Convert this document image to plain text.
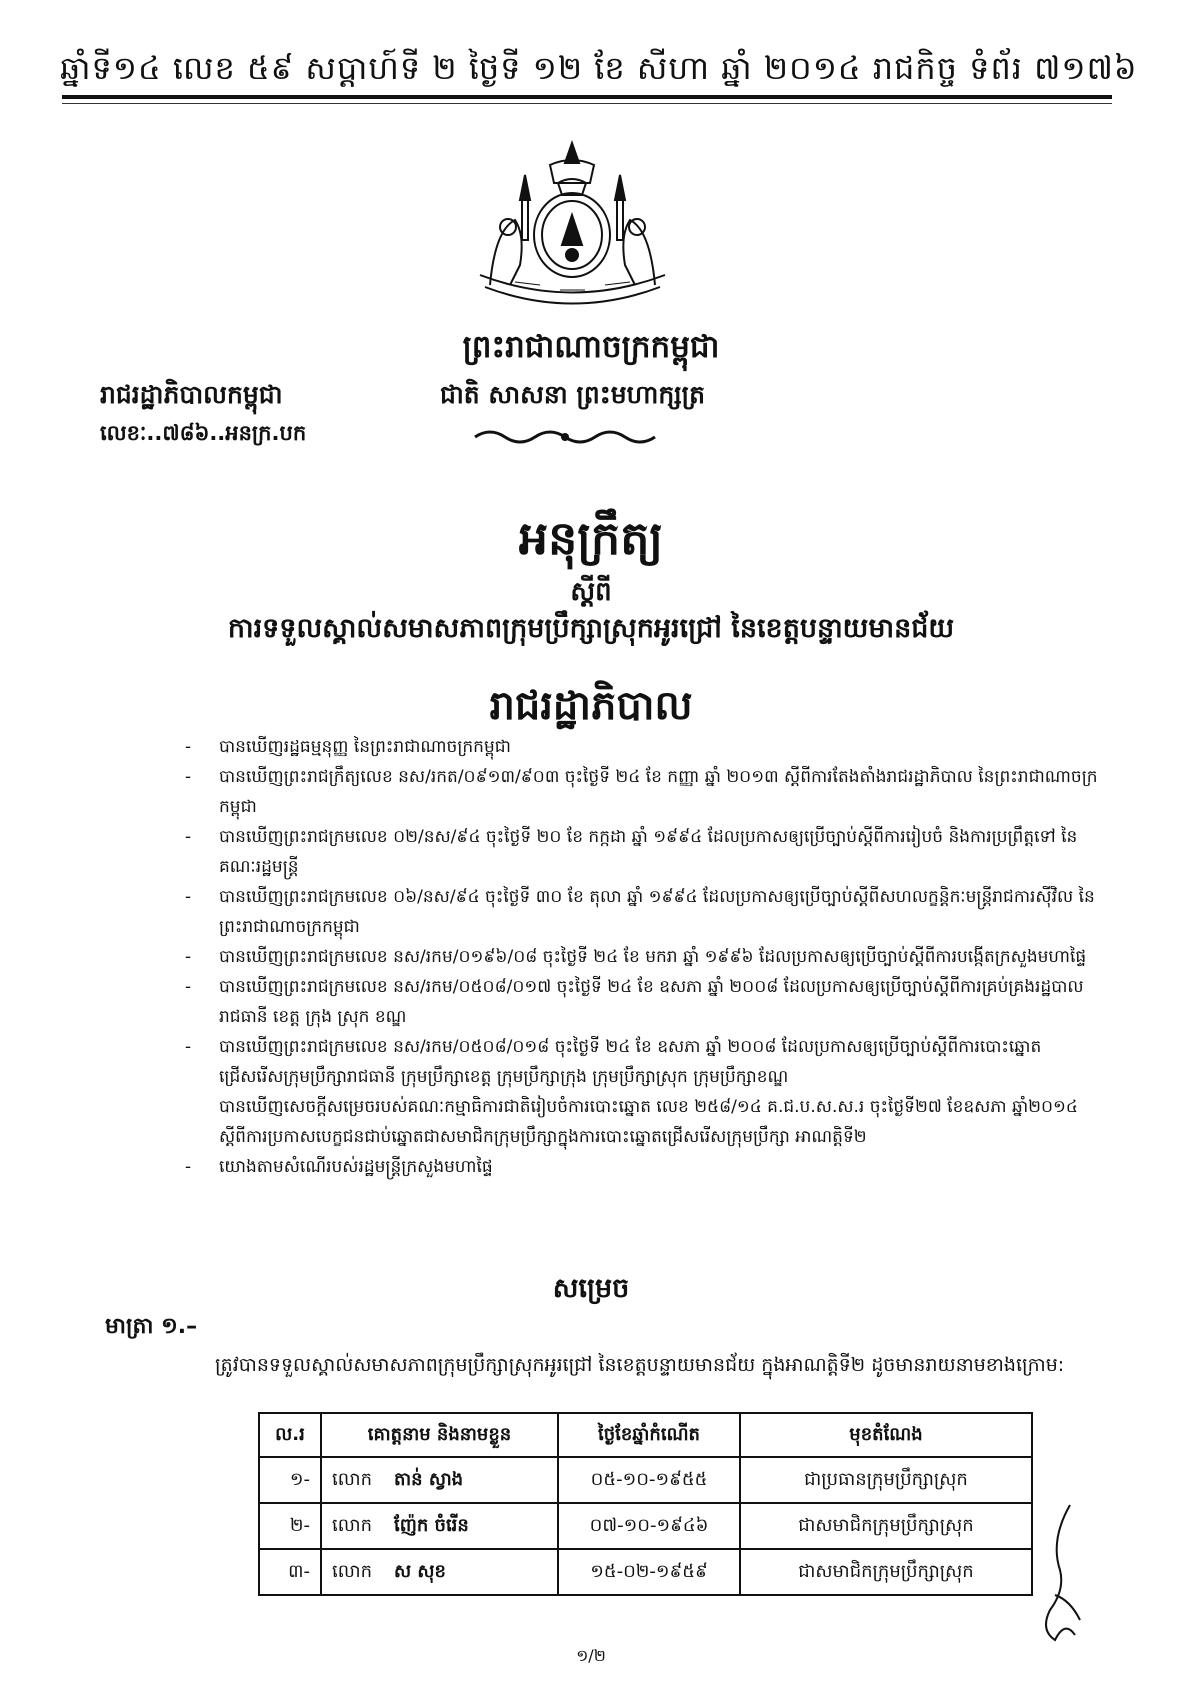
ឆ្នាំទី១៤ លេខ ៥៩ សប្តាហ៍ទី ២ ថ្ងៃទី ១២ ខែ សីហា ឆ្នាំ ២០១៤ រាជកិច្ច ទំព័រ ៧១៧៦
ព្រះរាជាណាចក្រកម្ពុជា
រាជរដ្ឋាភិបាលកម្ពុជា	ជាតិ សាសនា ព្រះមហាក្សត្រ
លេខៈ..៧៨៦..អនក្រ.បក
អនុក្រឹត្យ
ស្តីពី
ការទទួលស្គាល់សមាសភាពក្រុមប្រឹក្សាស្រុកអូរជ្រៅ នៃខេត្តបន្ទាយមានជ័យ
រាជរដ្ឋាភិបាល
- បានឃើញរដ្ឋធម្មនុញ្ញ នៃព្រះរាជាណាចក្រកម្ពុជា
- បានឃើញព្រះរាជក្រឹត្យលេខ នស/រកត/០៩១៣/៩០៣ ចុះថ្ងៃទី ២៤ ខែ កញ្ញា ឆ្នាំ ២០១៣ ស្តីពីការតែងតាំងរាជរដ្ឋាភិបាល នៃព្រះរាជាណាចក្រកម្ពុជា
- បានឃើញព្រះរាជក្រមលេខ ០២/នស/៩៤ ចុះថ្ងៃទី ២០ ខែ កក្កដា ឆ្នាំ ១៩៩៤ ដែលប្រកាសឲ្យប្រើច្បាប់ស្តីពីការរៀបចំ និងការប្រព្រឹត្តទៅ នៃគណៈរដ្ឋមន្ត្រី
- បានឃើញព្រះរាជក្រមលេខ ០៦/នស/៩៤ ចុះថ្ងៃទី ៣០ ខែ តុលា ឆ្នាំ ១៩៩៤ ដែលប្រកាសឲ្យប្រើច្បាប់ស្តីពីសហលក្ខន្តិកៈមន្ត្រីរាជការស៊ីវិល នៃព្រះរាជាណាចក្រកម្ពុជា
- បានឃើញព្រះរាជក្រមលេខ នស/រកម/០១៩៦/០៨ ចុះថ្ងៃទី ២៤ ខែ មករា ឆ្នាំ ១៩៩៦ ដែលប្រកាសឲ្យប្រើច្បាប់ស្តីពីការបង្កើតក្រសួងមហាផ្ទៃ
- បានឃើញព្រះរាជក្រមលេខ នស/រកម/០៥០៨/០១៧ ចុះថ្ងៃទី ២៤ ខែ ឧសភា ឆ្នាំ ២០០៨ ដែលប្រកាសឲ្យប្រើច្បាប់ស្តីពីការគ្រប់គ្រងរដ្ឋបាលរាជធានី ខេត្ត ក្រុង ស្រុក ខណ្ឌ
- បានឃើញព្រះរាជក្រមលេខ នស/រកម/០៥០៨/០១៨ ចុះថ្ងៃទី ២៤ ខែ ឧសភា ឆ្នាំ ២០០៨ ដែលប្រកាសឲ្យប្រើច្បាប់ស្តីពីការបោះឆ្នោតជ្រើសរើសក្រុមប្រឹក្សារាជធានី ក្រុមប្រឹក្សាខេត្ត ក្រុមប្រឹក្សាក្រុង ក្រុមប្រឹក្សាស្រុក ក្រុមប្រឹក្សាខណ្ឌ
បានឃើញសេចក្តីសម្រេចរបស់គណៈកម្មាធិការជាតិរៀបចំការបោះឆ្នោត លេខ ២៥៨/១៤ គ.ជ.ប.ស.ស.រ ចុះថ្ងៃទី២៧ ខែឧសភា ឆ្នាំ២០១៤ ស្តីពីការប្រកាសបេក្ខជនជាប់ឆ្នោតជាសមាជិកក្រុមប្រឹក្សាក្នុងការបោះឆ្នោតជ្រើសរើសក្រុមប្រឹក្សា អាណត្តិទី២
- យោងតាមសំណើរបស់រដ្ឋមន្ត្រីក្រសួងមហាផ្ទៃ
សម្រេច
មាត្រា ១.–
ត្រូវបានទទួលស្គាល់សមាសភាពក្រុមប្រឹក្សាស្រុកអូរជ្រៅ នៃខេត្តបន្ទាយមានជ័យ ក្នុងអាណត្តិទី២ ដូចមានរាយនាមខាងក្រោម:
ល.រ	គោត្តនាម និងនាមខ្លួន	ថ្ងៃខែឆ្នាំកំណើត	មុខតំណែង
១-	លោក តាន់ ស្វាង	០៥-១០-១៩៥៥	ជាប្រធានក្រុមប្រឹក្សាស្រុក
២-	លោក ញ៉ែក ចំរើន	០៧-១០-១៩៤៦	ជាសមាជិកក្រុមប្រឹក្សាស្រុក
៣-	លោក ស សុខ	១៥-០២-១៩៥៩	ជាសមាជិកក្រុមប្រឹក្សាស្រុក
១/២
